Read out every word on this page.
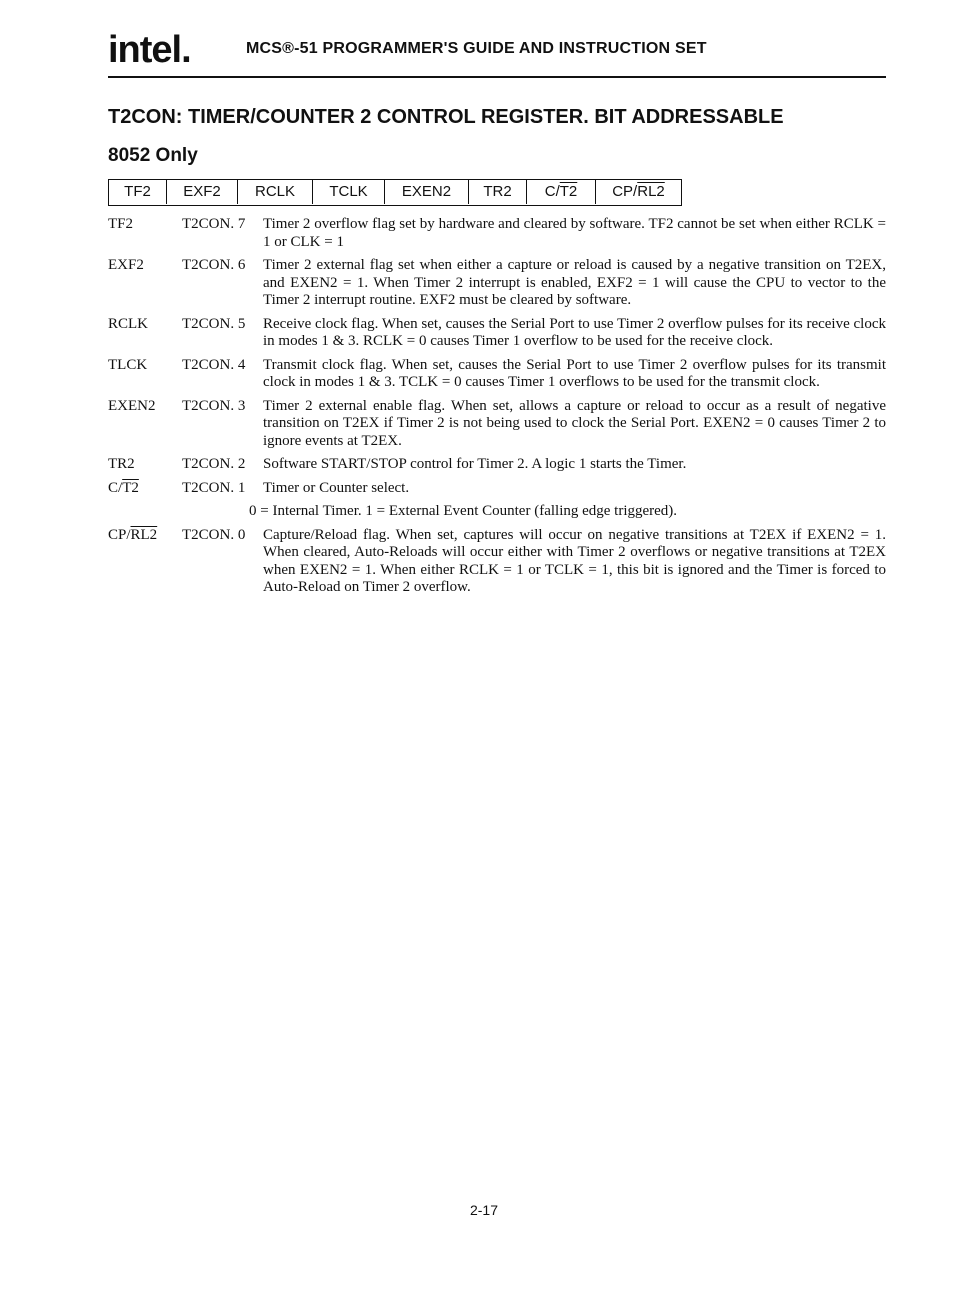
intel.	MCS®-51 PROGRAMMER'S GUIDE AND INSTRUCTION SET
T2CON: TIMER/COUNTER 2 CONTROL REGISTER. BIT ADDRESSABLE
8052 Only
TF2	EXF2	RCLK	TCLK	EXEN2	TR2	C/T2	CP/RL2
TF2	T2CON. 7	Timer 2 overflow flag set by hardware and cleared by software. TF2 cannot be set when either RCLK = 1 or CLK = 1

EXF2	T2CON. 6	Timer 2 external flag set when either a capture or reload is caused by a negative transition on T2EX, and EXEN2 = 1. When Timer 2 interrupt is enabled, EXF2 = 1 will cause the CPU to vector to the Timer 2 interrupt routine. EXF2 must be cleared by software.

RCLK	T2CON. 5	Receive clock flag. When set, causes the Serial Port to use Timer 2 overflow pulses for its receive clock in modes 1 & 3. RCLK = 0 causes Timer 1 overflow to be used for the receive clock.

TLCK	T2CON. 4	Transmit clock flag. When set, causes the Serial Port to use Timer 2 overflow pulses for its transmit clock in modes 1 & 3. TCLK = 0 causes Timer 1 overflows to be used for the transmit clock.

EXEN2	T2CON. 3	Timer 2 external enable flag. When set, allows a capture or reload to occur as a result of negative transition on T2EX if Timer 2 is not being used to clock the Serial Port. EXEN2 = 0 causes Timer 2 to ignore events at T2EX.

TR2	T2CON. 2	Software START/STOP control for Timer 2. A logic 1 starts the Timer.

C/T2	T2CON. 1	Timer or Counter select.

0 = Internal Timer. 1 = External Event Counter (falling edge triggered).

CP/RL2	T2CON. 0	Capture/Reload flag. When set, captures will occur on negative transitions at T2EX if EXEN2 = 1. When cleared, Auto-Reloads will occur either with Timer 2 overflows or negative transitions at T2EX when EXEN2 = 1. When either RCLK = 1 or TCLK = 1, this bit is ignored and the Timer is forced to Auto-Reload on Timer 2 overflow.

2-17
